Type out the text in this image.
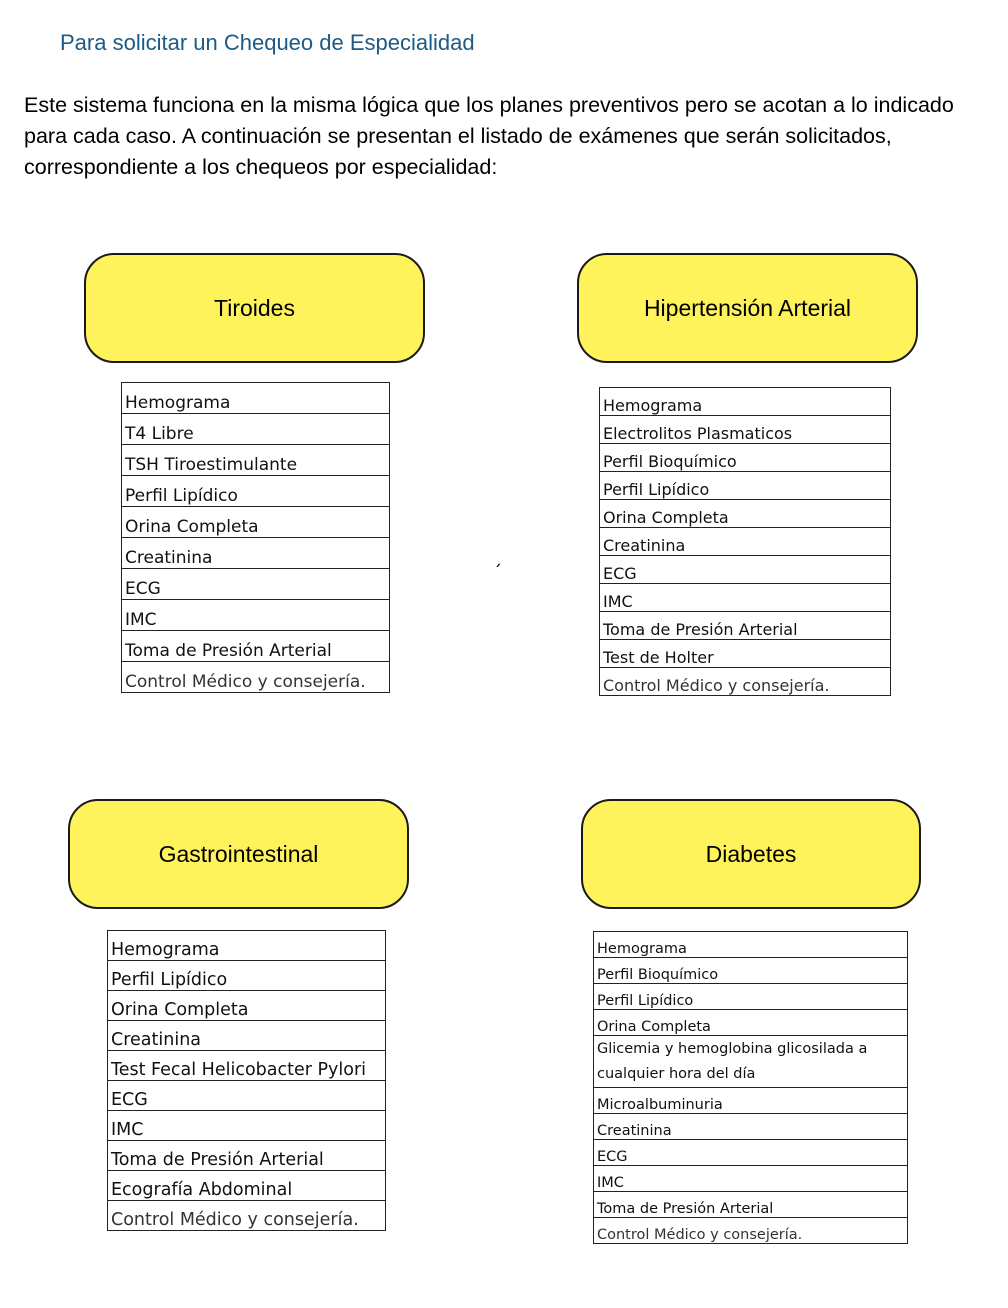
Para solicitar un Chequeo de Especialidad
Este sistema funciona en la misma lógica que los planes preventivos pero se acotan a lo indicado para cada caso. A continuación se presentan el listado de exámenes que serán solicitados, correspondiente a los chequeos por especialidad:
´
Tiroides
Hemograma
T4 Libre
TSH Tiroestimulante
Perfil Lipídico
Orina Completa
Creatinina
ECG
IMC
Toma de Presión Arterial
Control Médico y consejería.
Hipertensión Arterial
Hemograma
Electrolitos Plasmaticos
Perfil Bioquímico
Perfil Lipídico
Orina Completa
Creatinina
ECG
IMC
Toma de Presión Arterial
Test de Holter
Control Médico y consejería.
Gastrointestinal
Hemograma
Perfil Lipídico
Orina Completa
Creatinina
Test Fecal Helicobacter Pylori
ECG
IMC
Toma de Presión Arterial
Ecografía Abdominal
Control Médico y consejería.
Diabetes
Hemograma
Perfil Bioquímico
Perfil Lipídico
Orina Completa
Glicemia y hemoglobina glicosilada a cualquier hora del día
Microalbuminuria
Creatinina
ECG
IMC
Toma de Presión Arterial
Control Médico y consejería.
